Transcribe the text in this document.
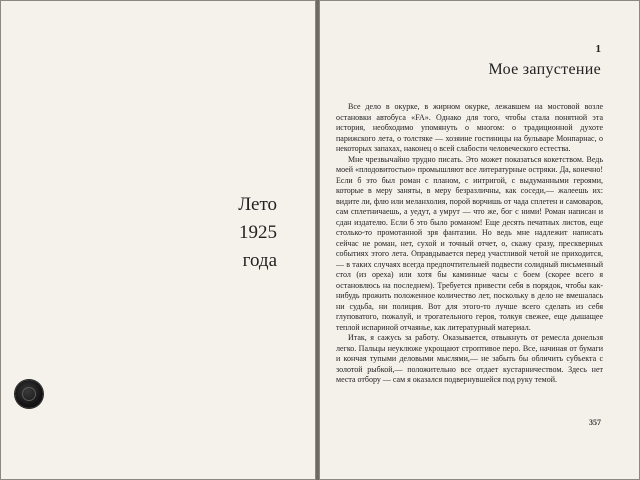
Лето
1925
года
1
Мое запустение

Все дело в окурке, в жирном окурке, лежавшем на мостовой возле остановки автобуса «FA». Однако для того, чтобы стала понятной эта история, необходимо упомянуть о многом: о традиционной духоте парижского лета, о толстяке — хозяине гостиницы на бульваре Монпарнас, о некоторых запахах, наконец о всей слабости человеческого естества.

Мне чрезвычайно трудно писать. Это может показаться кокетством. Ведь моей «плодовитостью» промышляют все литературные остряки. Да, конечно! Если б это был роман с планом, с интригой, с выдуманными героями, которые в меру заняты, в меру безразличны, как соседи,— жалеешь их: видите ли, флю или меланхолия, порой ворчишь от чада сплетен и самоваров, сам сплетничаешь, а уедут, а умрут — что же, бог с ними! Роман написан и сдан издателю. Если б это было романом! Еще десять печатных листов, еще столько-то промотанной зря фантазии. Но ведь мне надлежит написать сейчас не роман, нет, сухой и точный отчет, о, скажу сразу, прескверных событиях этого лета. Оправдывается перед участливой четой не приходится,— в таких случаях всегда предпочтительней подвести солидный письменный стол (из ореха) или хотя бы каминные часы с боем (скорее всего я остановлюсь на последнем). Требуется привести себя в порядок, чтобы как-нибудь прожить положенное количество лет, поскольку в дело не вмешалась ни судьба, ни полиция. Вот для этого-то лучше всего сделать из себя глуповатого, пожалуй, и трогательного героя, толкуя свежее, еще дышащее теплой испариной отчаянье, как литературный материал.

Итак, я сажусь за работу. Оказывается, отвыкнуть от ремесла донельзя легко. Пальцы неуклюже укрощают строптивое перо. Все, начиная от бумаги и кончая тупыми деловыми мыслями,— не забыть бы обличить субъекта с золотой рыбкой,— положительно все отдает кустарничеством. Здесь нет места отбору — сам я оказался подвернувшейся под руку темой.

357
